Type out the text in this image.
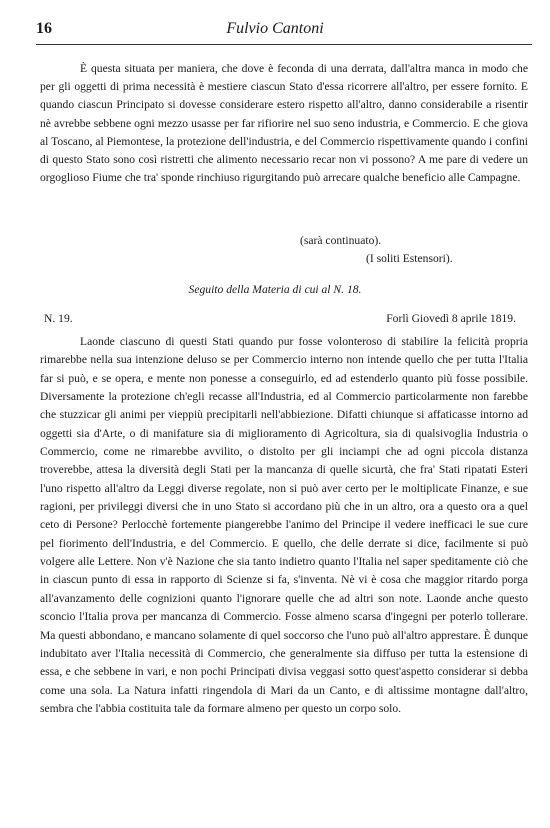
16	Fulvio Cantoni

È questa situata per maniera, che dove è feconda di una derrata, dall'altra manca in modo che per gli oggetti di prima necessità è mestiere ciascun Stato d'essa ricorrere all'altro, per essere fornito. E quando ciascun Principato si dovesse considerare estero rispetto all'altro, danno considerabile a risentir nè avrebbe sebbene ogni mezzo usasse per far rifiorire nel suo seno industria, e Commercio. E che giova al Toscano, al Piemontese, la protezione dell'industria, e del Commercio rispettivamente quando i confini di questo Stato sono così ristretti che alimento necessario recar non vi possono? A me pare di vedere un orgoglioso Fiume che tra' sponde rinchiuso rigurgitando può arrecare qualche beneficio alle Campagne.

(sarà continuato).
(I soliti Estensori).
Seguito della Materia di cui al N. 18.
N. 19.	Forlì Giovedì 8 aprile 1819.

Laonde ciascuno di questi Stati quando pur fosse volonteroso di stabilire la felicità propria rimarebbe nella sua intenzione deluso se per Commercio interno non intende quello che per tutta l'Italia far si può, e se opera, e mente non ponesse a conseguirlo, ed ad estenderlo quanto più fosse possibile. Diversamente la protezione ch'egli recasse all'Industria, ed al Commercio particolarmente non farebbe che stuzzicar gli animi per vieppiù precipitarli nell'abbiezione. Difatti chiunque si affaticasse intorno ad oggetti sia d'Arte, o di manifature sia di miglioramento di Agricoltura, sia di qualsivoglia Industria o Commercio, come ne rimarebbe avvilito, o distolto per gli inciampi che ad ogni piccola distanza troverebbe, attesa la diversità degli Stati per la mancanza di quelle sicurtà, che fra' Stati ripatati Esteri l'uno rispetto all'altro da Leggi diverse regolate, non si può aver certo per le moltiplicate Finanze, e sue ragioni, per privileggi diversi che in uno Stato si accordano più che in un altro, ora a questo ora a quel ceto di Persone? Perlocchè fortemente piangerebbe l'animo del Principe il vedere inefficaci le sue cure pel fiorimento dell'Industria, e del Commercio. E quello, che delle derrate si dice, facilmente si può volgere alle Lettere. Non v'è Nazione che sia tanto indietro quanto l'Italia nel saper speditamente ciò che in ciascun punto di essa in rapporto di Scienze si fa, s'inventa. Nè vi è cosa che maggior ritardo porga all'avanzamento delle cognizioni quanto l'ignorare quelle che ad altri son note. Laonde anche questo sconcio l'Italia prova per mancanza di Commercio. Fosse almeno scarsa d'ingegni per poterlo tollerare. Ma questi abbondano, e mancano solamente di quel soccorso che l'uno può all'altro apprestare. È dunque indubitato aver l'Italia necessità di Commercio, che generalmente sia diffuso per tutta la estensione di essa, e che sebbene in vari, e non pochi Principati divisa veggasi sotto quest'aspetto considerar si debba come una sola. La Natura infatti ringendola di Mari da un Canto, e di altissime montagne dall'altro, sembra che l'abbia costituita tale da formare almeno per questo un corpo solo.
